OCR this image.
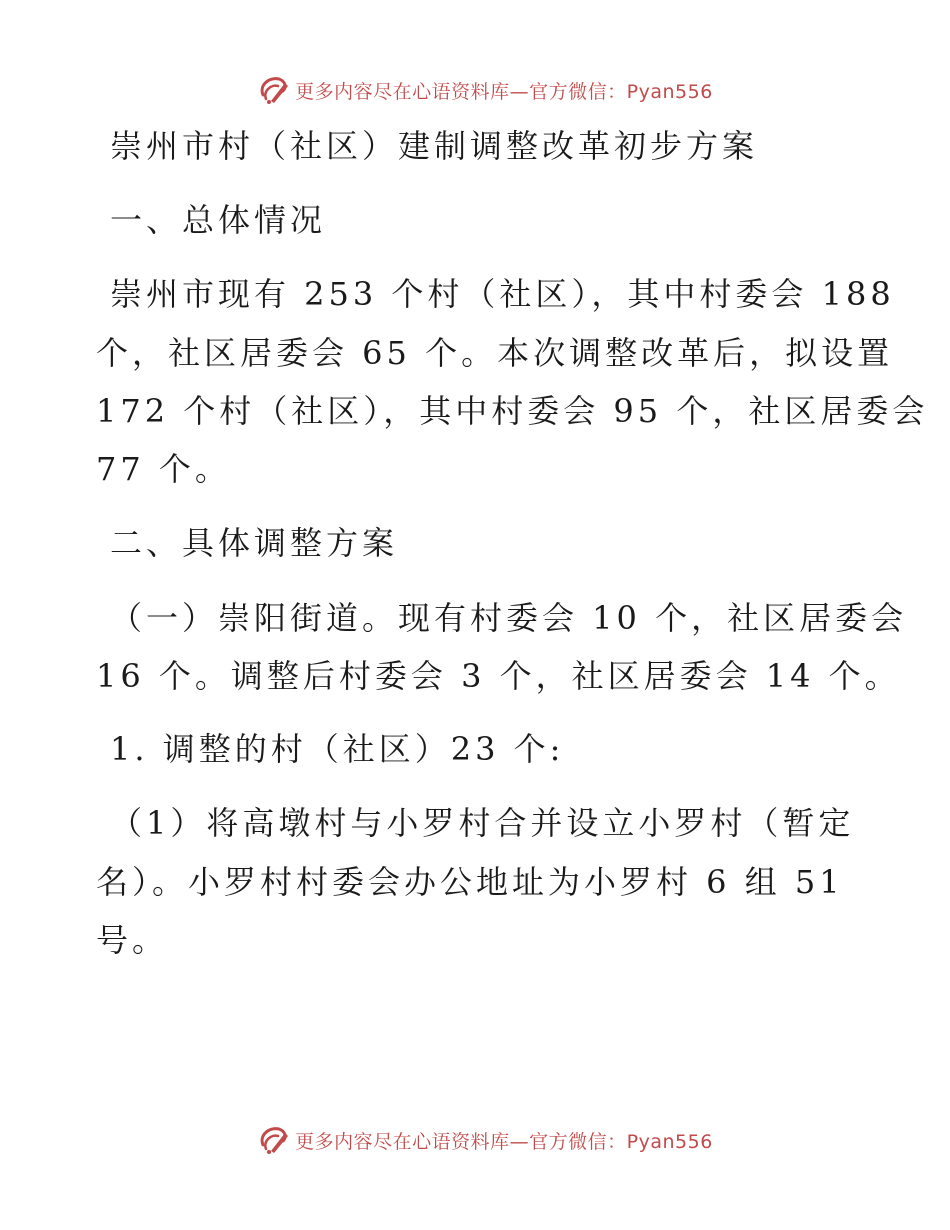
更多内容尽在心语资料库—官方微信：Pyan556
崇州市村（社区）建制调整改革初步方案
一、总体情况
崇州市现有 253 个村（社区），其中村委会 188
个，社区居委会 65 个。本次调整改革后，拟设置
172 个村（社区），其中村委会 95 个，社区居委会
77 个。
二、具体调整方案
（一）崇阳街道。现有村委会 10 个，社区居委会
16 个。调整后村委会 3 个，社区居委会 14 个。
1. 调整的村（社区）23 个:
（1）将高墩村与小罗村合并设立小罗村（暂定
名）。小罗村村委会办公地址为小罗村 6 组 51
号。
更多内容尽在心语资料库—官方微信：Pyan556
